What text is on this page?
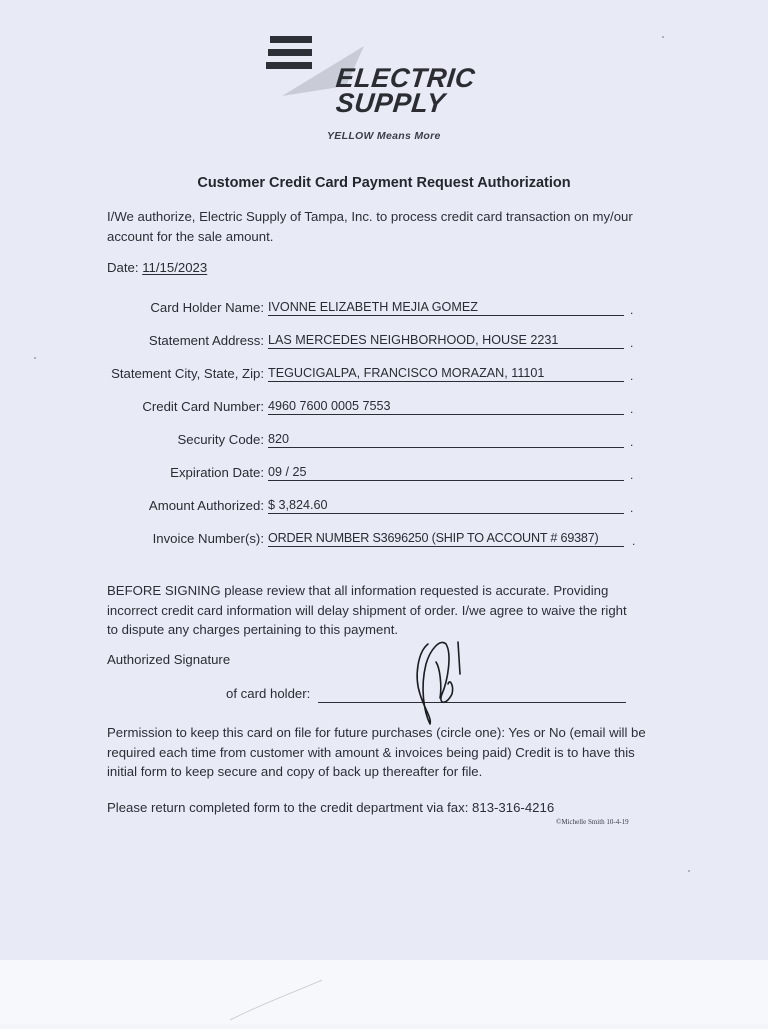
ELECTRIC
SUPPLY
YELLOW Means More
Customer Credit Card Payment Request Authorization
I/We authorize, Electric Supply of Tampa, Inc. to process credit card transaction on my/our account for the sale amount.
Date: 11/15/2023
Card Holder Name: IVONNE ELIZABETH MEJIA GOMEZ	.
Statement Address: LAS MERCEDES NEIGHBORHOOD, HOUSE 2231	.
Statement City, State, Zip: TEGUCIGALPA, FRANCISCO MORAZAN, 11101	.
Credit Card Number: 4960 7600 0005 7553	.
Security Code: 820	.
Expiration Date: 09 / 25	.
Amount Authorized: $ 3,824.60	.
Invoice Number(s): ORDER NUMBER S3696250 (SHIP TO ACCOUNT # 69387)	.
BEFORE SIGNING please review that all information requested is accurate. Providing incorrect credit card information will delay shipment of order. I/we agree to waive the right to dispute any charges pertaining to this payment.
Authorized Signature
of card holder:
Permission to keep this card on file for future purchases (circle one): Yes or No (email will be required each time from customer with amount & invoices being paid) Credit is to have this initial form to keep secure and copy of back up thereafter for file.
Please return completed form to the credit department via fax: 813-316-4216
©Michelle Smith 10-4-19
